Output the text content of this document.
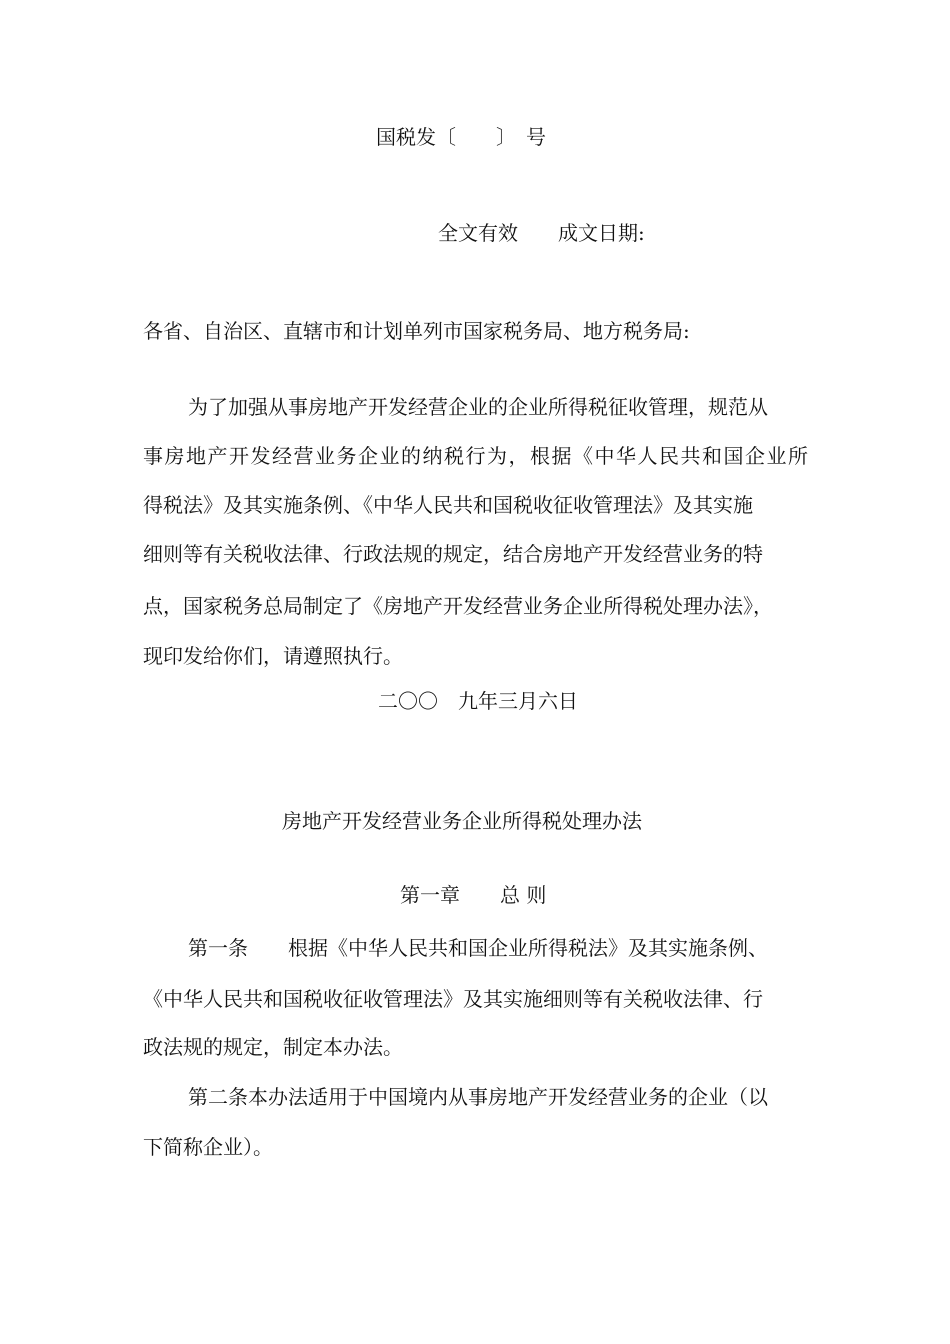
国税发〔　　〕　号
全文有效　　成文日期:
各省、自治区、直辖市和计划单列市国家税务局、地方税务局:
为了加强从事房地产开发经营企业的企业所得税征收管理，规范从
事 房 地 产 开 发 经 营 业 务 企 业 的 纳 税 行 为 ， 根 据 《 中 华 人 民 共 和 国 企 业 所
得税法》及其实施条例、《中华人民共和国税收征收管理法》及其实施
细则等有关税收法律、行政法规的规定，结合房地产开发经营业务的特
点，国家税务总局制定了《房地产开发经营业务企业所得税处理办法》，
现印发给你们，请遵照执行。
二〇〇　九年三月六日
房地产开发经营业务企业所得税处理办法
第一章　　总 则
第一条　　根据《中华人民共和国企业所得税法》及其实施条例、
《中华人民共和国税收征收管理法》及其实施细则等有关税收法律、行
政法规的规定，制定本办法。
第二条本办法适用于中国境内从事房地产开发经营业务的企业（以
下简称企业）。
